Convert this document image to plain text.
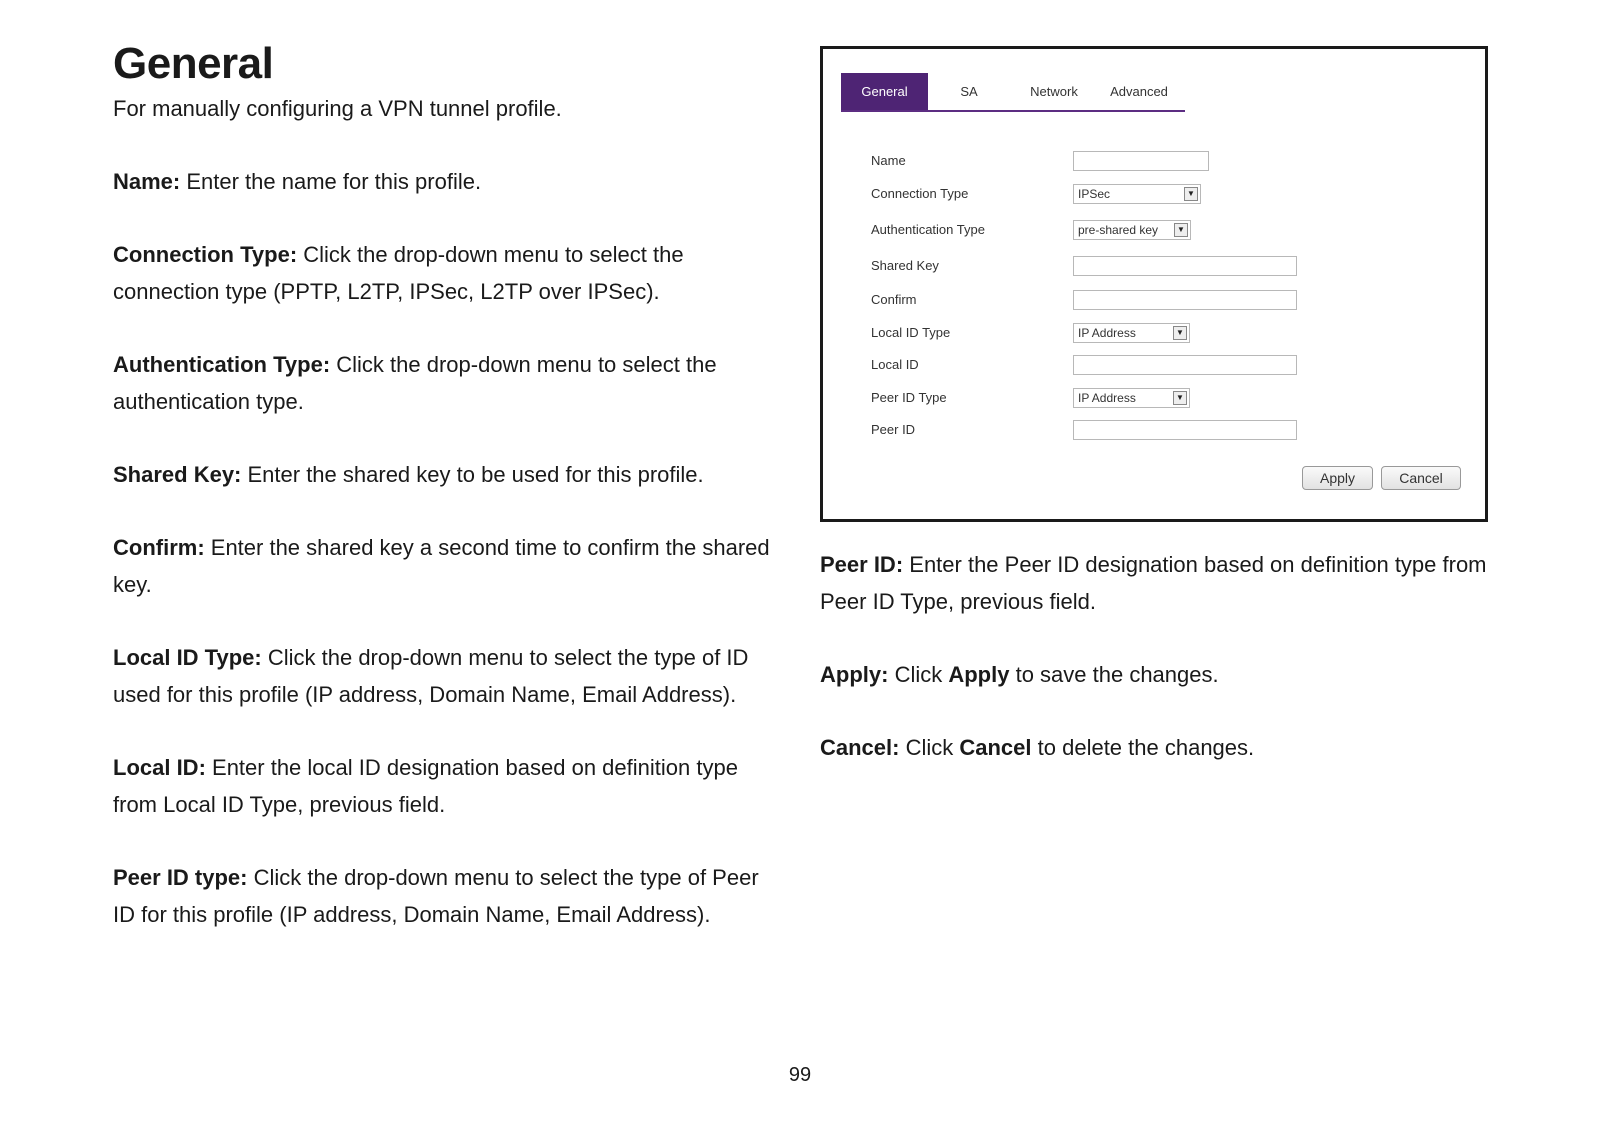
General

For manually configuring a VPN tunnel profile.

Name: Enter the name for this profile.

Connection Type: Click the drop-down menu to select the connection type (PPTP, L2TP, IPSec, L2TP over IPSec).

Authentication Type: Click the drop-down menu to select the authentication type.

Shared Key: Enter the shared key to be used for this profile.

Confirm: Enter the shared key a second time to confirm the shared key.

Local ID Type: Click the drop-down menu to select the type of ID used for this profile (IP address, Domain Name, Email Address).

Local ID: Enter the local ID designation based on definition type from Local ID Type, previous field.

Peer ID type: Click the drop-down menu to select the type of Peer ID for this profile (IP address, Domain Name, Email Address).

General	SA	Network	Advanced
Name
Connection Type	IPSec	▼
Authentication Type	pre-shared key	▼
Shared Key
Confirm
Local ID Type	IP Address	▼
Local ID
Peer ID Type	IP Address	▼
Peer ID
Apply	Cancel

Peer ID: Enter the Peer ID designation based on definition type from Peer ID Type, previous field.

Apply: Click Apply to save the changes.

Cancel: Click Cancel to delete the changes.

99
